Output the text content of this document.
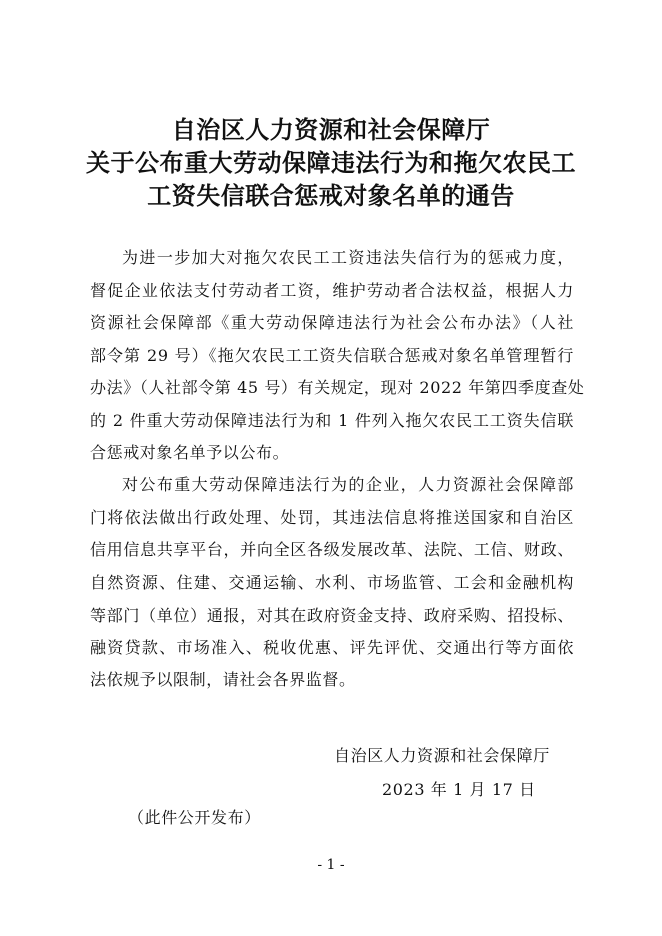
自治区人力资源和社会保障厅
关于公布重大劳动保障违法行为和拖欠农民工
工资失信联合惩戒对象名单的通告
为进一步加大对拖欠农民工工资违法失信行为的惩戒力度，
督促企业依法支付劳动者工资，维护劳动者合法权益，根据人力
资源社会保障部《重大劳动保障违法行为社会公布办法》（人社
部令第 29 号）《拖欠农民工工资失信联合惩戒对象名单管理暂行
办法》（人社部令第 45 号）有关规定，现对 2022 年第四季度查处
的 2 件重大劳动保障违法行为和 1 件列入拖欠农民工工资失信联
合惩戒对象名单予以公布。
对公布重大劳动保障违法行为的企业，人力资源社会保障部
门将依法做出行政处理、处罚，其违法信息将推送国家和自治区
信用信息共享平台，并向全区各级发展改革、法院、工信、财政、
自然资源、住建、交通运输、水利、市场监管、工会和金融机构
等部门（单位）通报，对其在政府资金支持、政府采购、招投标、
融资贷款、市场准入、税收优惠、评先评优、交通出行等方面依
法依规予以限制，请社会各界监督。
自治区人力资源和社会保障厅
2023 年 1 月 17 日
（此件公开发布）
- 1 -
